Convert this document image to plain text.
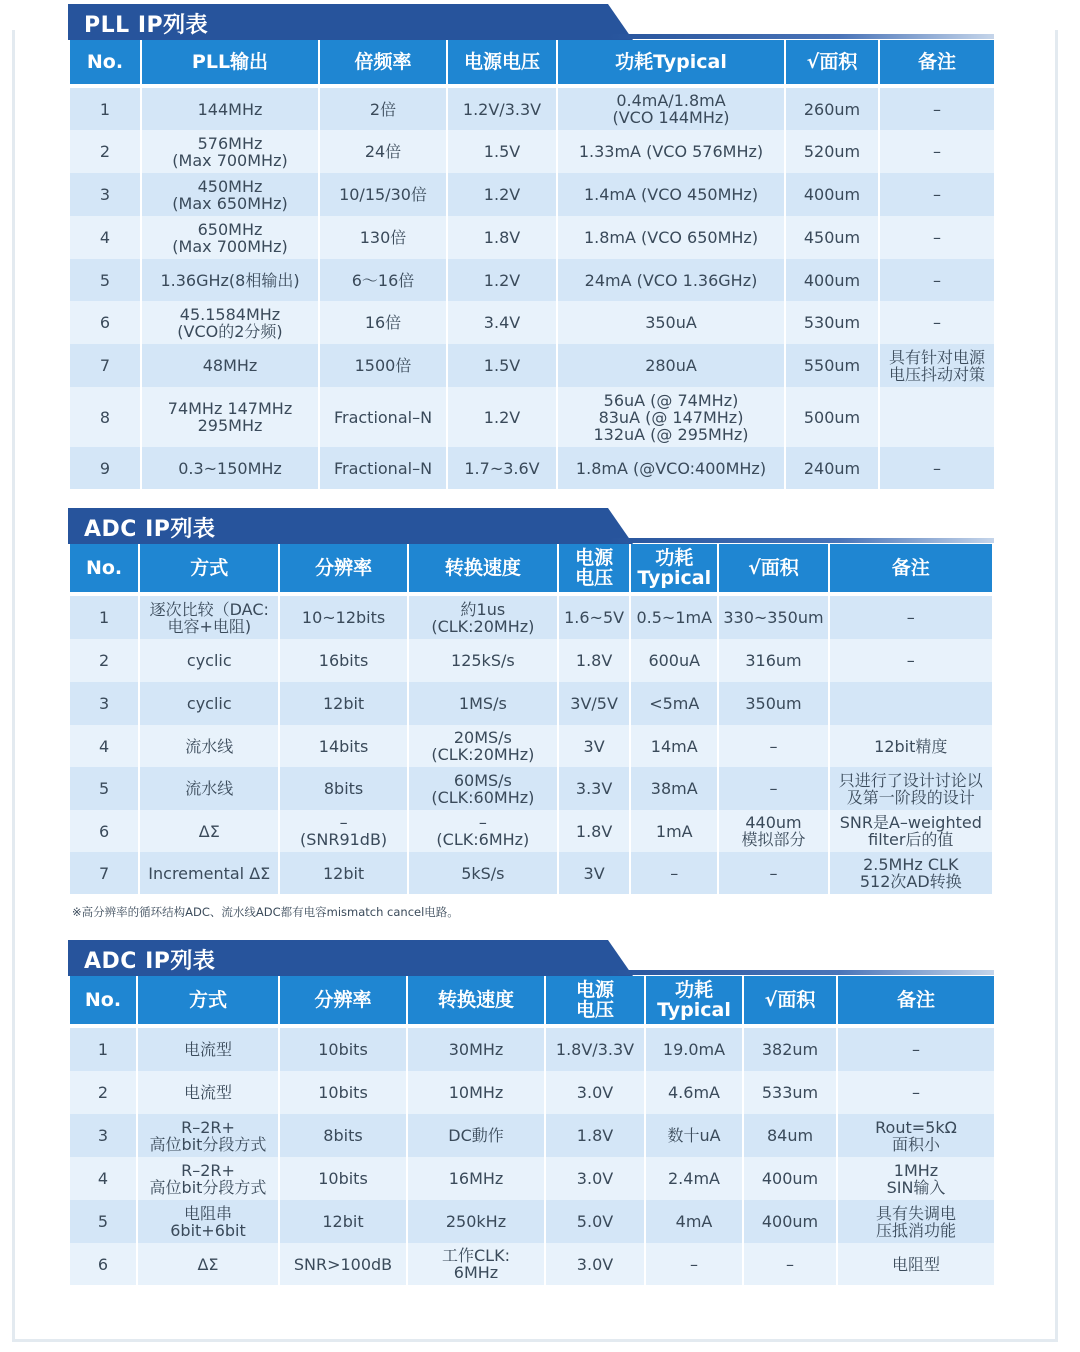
PLL IP列表
No.	PLL输出	倍频率	电源电压	功耗Typical	√面积	备注
1	144MHz	2倍	1.2V/3.3V	0.4mA/1.8mA
(VCO 144MHz)	260um	–
2	576MHz
(Max 700MHz)	24倍	1.5V	1.33mA (VCO 576MHz)	520um	–
3	450MHz
(Max 650MHz)	10/15/30倍	1.2V	1.4mA (VCO 450MHz)	400um	–
4	650MHz
(Max 700MHz)	130倍	1.8V	1.8mA (VCO 650MHz)	450um	–
5	1.36GHz(8相输出)	6～16倍	1.2V	24mA (VCO 1.36GHz)	400um	–
6	45.1584MHz
(VCO的2分频)	16倍	3.4V	350uA	530um	–
7	48MHz	1500倍	1.5V	280uA	550um	具有针对电源
电压抖动对策

8	74MHz 147MHz
295MHz	Fractional–N	1.2V	56uA (@ 74MHz)
83uA (@ 147MHz)
132uA (@ 295MHz)	500um	
9	0.3~150MHz	Fractional–N	1.7~3.6V	1.8mA (@VCO:400MHz)	240um	–
ADC IP列表
No.	方式	分辨率	转换速度	电源
电压	功耗
Typical	√面积	备注
1	逐次比较（DAC:
电容+电阻)	10~12bits	約1us
(CLK:20MHz)	1.6~5V	0.5~1mA	330~350um	–
2	cyclic	16bits	125kS/s	1.8V	600uA	316um	–
3	cyclic	12bit	1MS/s	3V/5V	<5mA	350um	
4	流水线	14bits	20MS/s
(CLK:20MHz)	3V	14mA	–	12bit精度
5	流水线	8bits	60MS/s
(CLK:60MHz)	3.3V	38mA	–	只进行了设计讨论以
及第一阶段的设计

6	ΔΣ	–
(SNR91dB)	–
(CLK:6MHz)	1.8V	1mA	440um
模拟部分	SNR是A–weighted
filter后的值

7	Incremental ΔΣ	12bit	5kS/s	3V	–	–	2.5MHz CLK
512次AD转换
※高分辨率的循环结构ADC、流水线ADC都有电容mismatch cancel电路。
ADC IP列表
No.	方式	分辨率	转换速度	电源
电压	功耗
Typical	√面积	备注
1	电流型	10bits	30MHz	1.8V/3.3V	19.0mA	382um	–
2	电流型	10bits	10MHz	3.0V	4.6mA	533um	–
3	R–2R+
高位bit分段方式	8bits	DC動作	1.8V	数十uA	84um	Rout=5kΩ
面积小

4	R–2R+
高位bit分段方式	10bits	16MHz	3.0V	2.4mA	400um	1MHz
SIN输入

5	电阻串
6bit+6bit	12bit	250kHz	5.0V	4mA	400um	具有失调电
压抵消功能

6	ΔΣ	SNR>100dB	工作CLK:
6MHz	3.0V	–	–	电阻型
